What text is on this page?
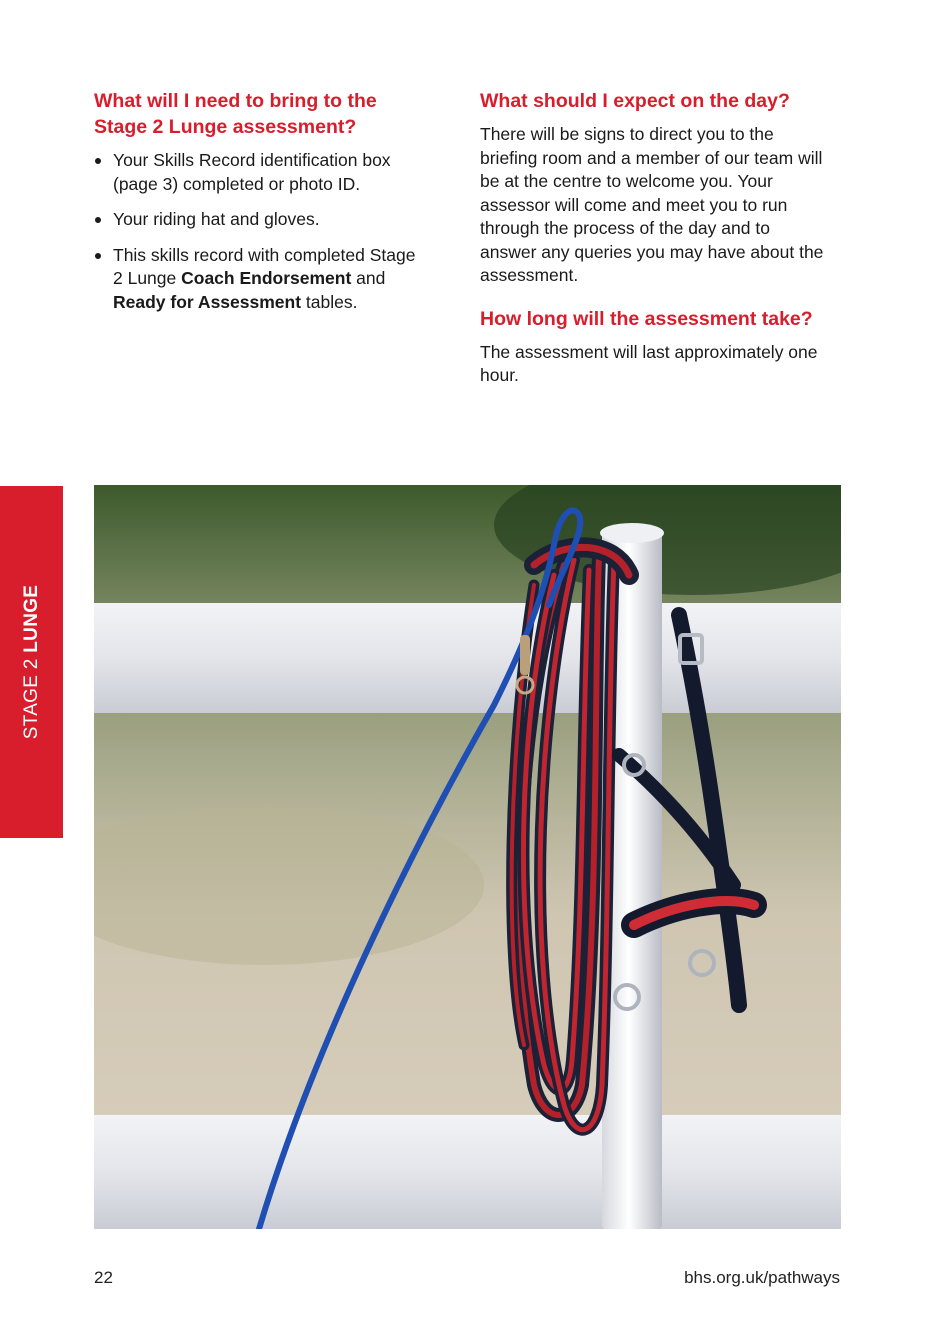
What will I need to bring to the Stage 2 Lunge assessment?
Your Skills Record identification box (page 3) completed or photo ID.
Your riding hat and gloves.
This skills record with completed Stage 2 Lunge Coach Endorsement and Ready for Assessment tables.
What should I expect on the day?

There will be signs to direct you to the briefing room and a member of our team will be at the centre to welcome you. Your assessor will come and meet you to run through the process of the day and to answer any queries you may have about the assessment.

How long will the assessment take?

The assessment will last approximately one hour.

STAGE 2 LUNGE
22	bhs.org.uk/pathways
